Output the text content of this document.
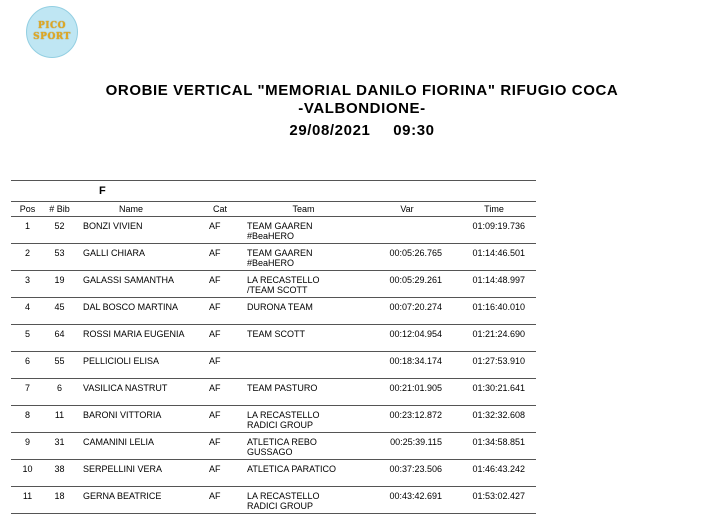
PICO
SPORT
OROBIE VERTICAL "MEMORIAL DANILO FIORINA" RIFUGIO COCA
-VALBONDIONE-
29/08/2021 09:30
		F				
Pos	# Bib	Name	Cat	Team	Var	Time
1	52	BONZI VIVIEN	AF	TEAM GAAREN
#BeaHERO		01:09:19.736
2	53	GALLI CHIARA	AF	TEAM GAAREN
#BeaHERO	00:05:26.765	01:14:46.501
3	19	GALASSI SAMANTHA	AF	LA RECASTELLO
/TEAM SCOTT	00:05:29.261	01:14:48.997
4	45	DAL BOSCO MARTINA	AF	DURONA TEAM	00:07:20.274	01:16:40.010
5	64	ROSSI MARIA EUGENIA	AF	TEAM SCOTT	00:12:04.954	01:21:24.690
6	55	PELLICIOLI ELISA	AF		00:18:34.174	01:27:53.910
7	6	VASILICA NASTRUT	AF	TEAM PASTURO	00:21:01.905	01:30:21.641
8	11	BARONI VITTORIA	AF	LA RECASTELLO
RADICI GROUP	00:23:12.872	01:32:32.608
9	31	CAMANINI LELIA	AF	ATLETICA REBO
GUSSAGO	00:25:39.115	01:34:58.851
10	38	SERPELLINI VERA	AF	ATLETICA PARATICO	00:37:23.506	01:46:43.242
11	18	GERNA BEATRICE	AF	LA RECASTELLO
RADICI GROUP	00:43:42.691	01:53:02.427
